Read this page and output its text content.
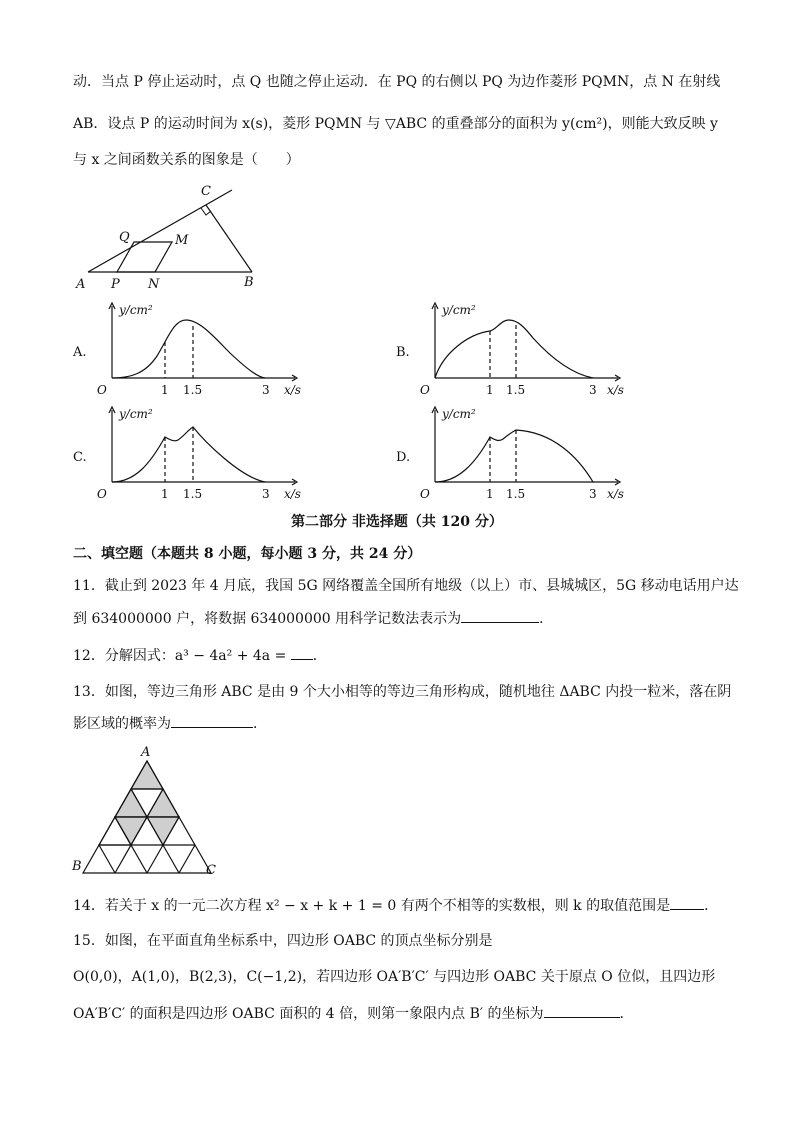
动．当点 P 停止运动时，点 Q 也随之停止运动．在 PQ 的右侧以 PQ 为边作菱形 PQMN，点 N 在射线
AB．设点 P 的运动时间为 x(s)，菱形 PQMN 与 ▽ABC 的重叠部分的面积为 y(cm²)，则能大致反映 y
与 x 之间函数关系的图象是（　　）
A P N	B
Q	M
C
A.	B.
C.	D.
y/cm²
x/s
O	1 1.5	3
y/cm²
x/s
O	1 1.5	3
y/cm²
x/s
O	1 1.5	3
y/cm²
x/s
O	1 1.5	3
第二部分 非选择题（共 120 分）
二、填空题（本题共 8 小题，每小题 3 分，共 24 分）
11．截止到 2023 年 4 月底，我国 5G 网络覆盖全国所有地级（以上）市、县城城区，5G 移动电话用户达
到 634000000 户，将数据 634000000 用科学记数法表示为	．
12．分解因式：a³ − 4a² + 4a = ．
13．如图，等边三角形 ABC 是由 9 个大小相等的等边三角形构成，随机地往 ΔABC 内投一粒米，落在阴
影区域的概率为	．
A
B	C
14．若关于 x 的一元二次方程 x² − x + k + 1 = 0 有两个不相等的实数根，则 k 的取值范围是 ．
15．如图，在平面直角坐标系中，四边形 OABC 的顶点坐标分别是
O(0,0)，A(1,0)，B(2,3)，C(−1,2)，若四边形 OA′B′C′ 与四边形 OABC 关于原点 O 位似，且四边形
OA′B′C′ 的面积是四边形 OABC 面积的 4 倍，则第一象限内点 B′ 的坐标为	．
